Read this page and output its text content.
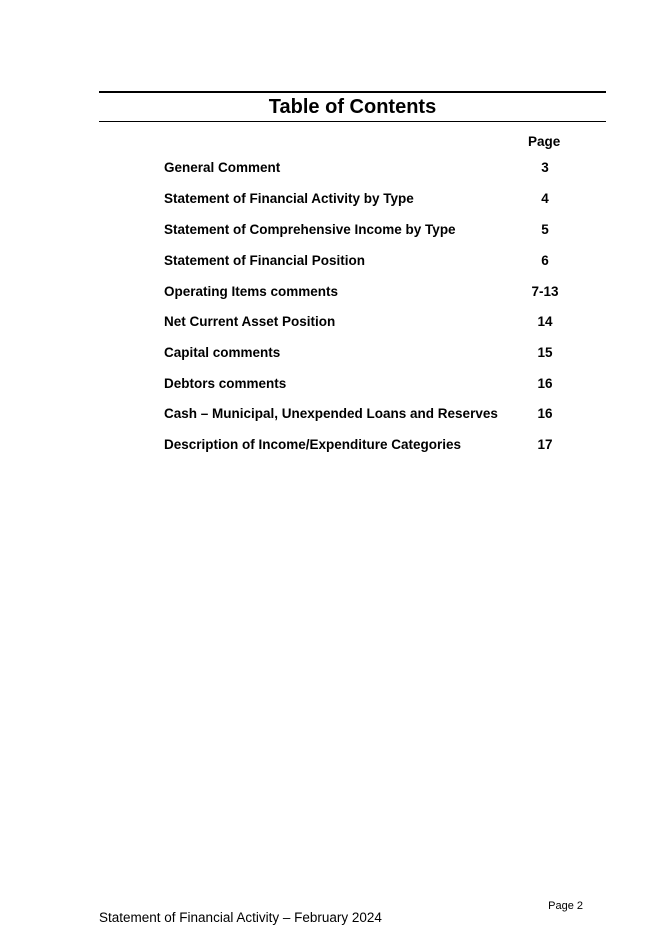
Table of Contents
Page
General Comment	3
Statement of Financial Activity by Type	4
Statement of Comprehensive Income by Type	5
Statement of Financial Position	6
Operating Items comments	7-13
Net Current Asset Position	14
Capital comments	15
Debtors comments	16
Cash – Municipal, Unexpended Loans and Reserves	16
Description of Income/Expenditure Categories	17
Page 2
Statement of Financial Activity – February 2024
